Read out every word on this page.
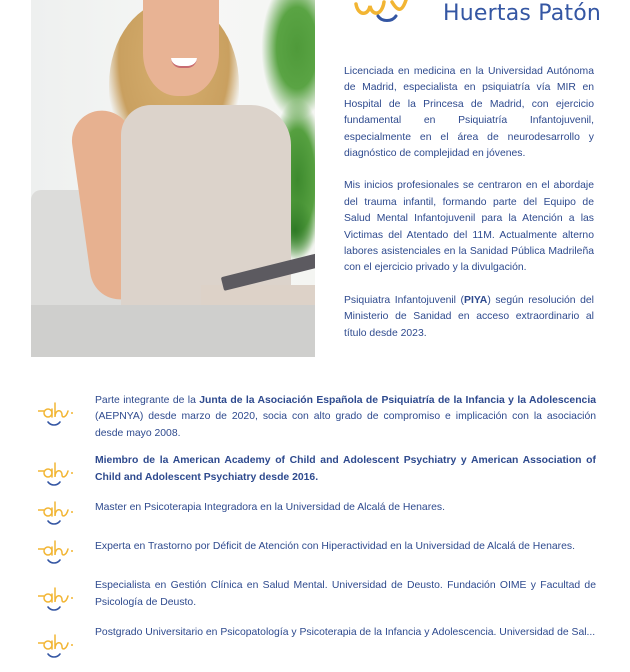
Huertas Patón

Licenciada en medicina en la Universidad Autónoma de Madrid, especialista en psiquiatría vía MIR en Hospital de la Princesa de Madrid, con ejercicio fundamental en Psiquiatría Infantojuvenil, especialmente en el área de neurodesarrollo y diagnóstico de complejidad en jóvenes.

Mis inicios profesionales se centraron en el abordaje del trauma infantil, formando parte del Equipo de Salud Mental Infantojuvenil para la Atención a las Victimas del Atentado del 11M. Actualmente alterno labores asistenciales en la Sanidad Pública Madrileña con el ejercicio privado y la divulgación.

Psiquiatra Infantojuvenil (PIYA) según resolución del Ministerio de Sanidad en acceso extraordinario al título desde 2023.

Parte integrante de la Junta de la Asociación Española de Psiquiatría de la Infancia y la Adolescencia (AEPNYA) desde marzo de 2020, socia con alto grado de compromiso e implicación con la asociación desde mayo 2008.
Miembro de la American Academy of Child and Adolescent Psychiatry y American Association of Child and Adolescent Psychiatry desde 2016.
Master en Psicoterapia Integradora en la Universidad de Alcalá de Henares.
Experta en Trastorno por Déficit de Atención con Hiperactividad en la Universidad de Alcalá de Henares.
Especialista en Gestión Clínica en Salud Mental. Universidad de Deusto. Fundación OIME y Facultad de Psicología de Deusto.
Postgrado Universitario en Psicopatología y Psicoterapia de la Infancia y Adolescencia. Universidad de Sal...
